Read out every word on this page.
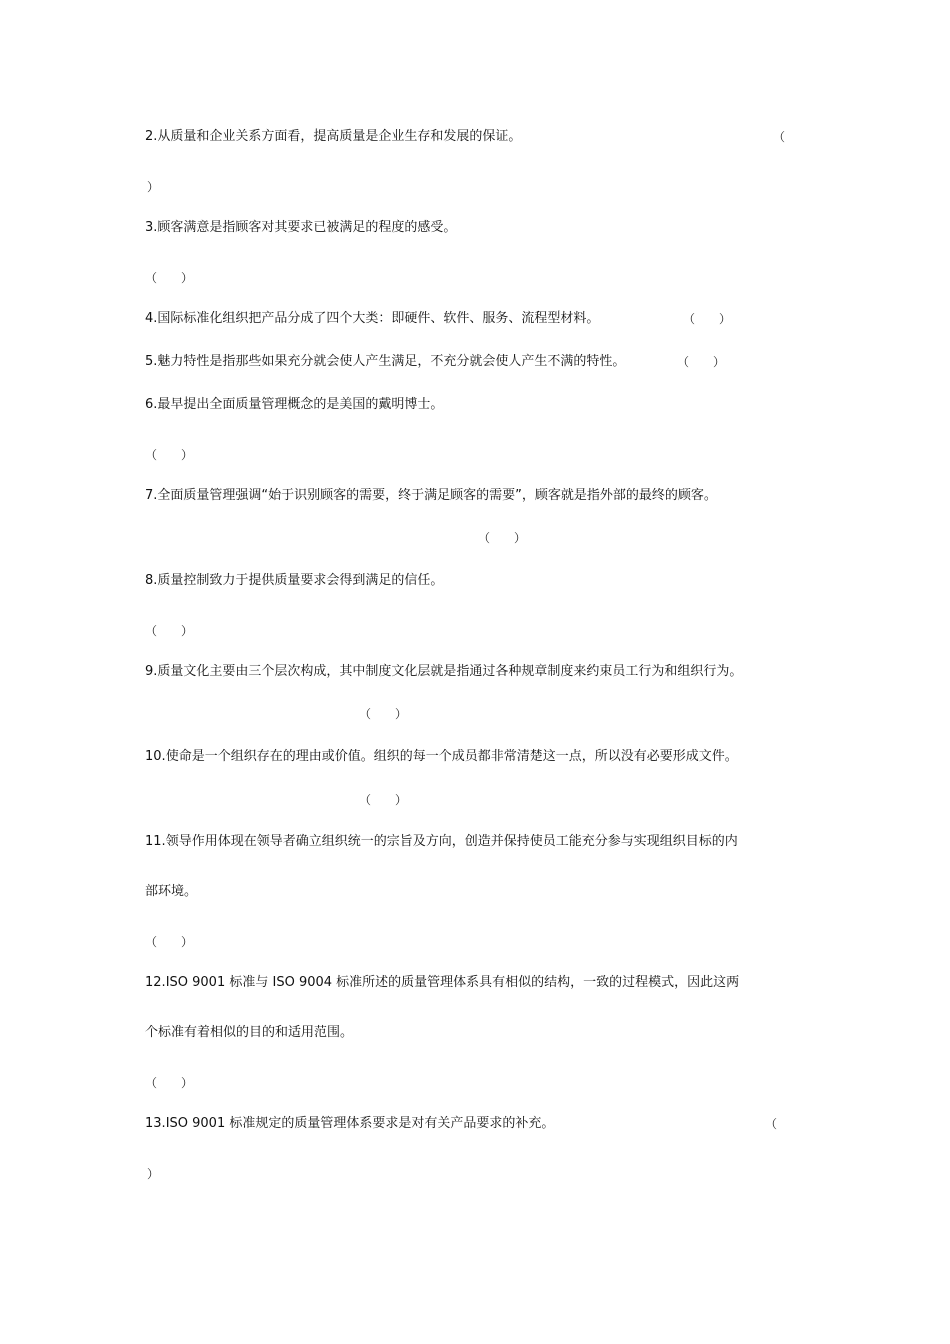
2.从质量和企业关系方面看，提高质量是企业生存和发展的保证。	（
）
3.顾客满意是指顾客对其要求已被满足的程度的感受。
（　　）
4.国际标准化组织把产品分成了四个大类：即硬件、软件、服务、流程型材料。	（　　）
5.魅力特性是指那些如果充分就会使人产生满足，不充分就会使人产生不满的特性。	（　　）
6.最早提出全面质量管理概念的是美国的戴明博士。
（　　）
7.全面质量管理强调“始于识别顾客的需要，终于满足顾客的需要”，顾客就是指外部的最终的顾客。
（　　）
8.质量控制致力于提供质量要求会得到满足的信任。
（　　）
9.质量文化主要由三个层次构成，其中制度文化层就是指通过各种规章制度来约束员工行为和组织行为。
（　　）
10.使命是一个组织存在的理由或价值。组织的每一个成员都非常清楚这一点，所以没有必要形成文件。
（　　）
11.领导作用体现在领导者确立组织统一的宗旨及方向，创造并保持使员工能充分参与实现组织目标的内
部环境。
（　　）
12.ISO 9001 标准与 ISO 9004 标准所述的质量管理体系具有相似的结构，一致的过程模式，因此这两
个标准有着相似的目的和适用范围。
（　　）
13.ISO 9001 标准规定的质量管理体系要求是对有关产品要求的补充。	（
）
